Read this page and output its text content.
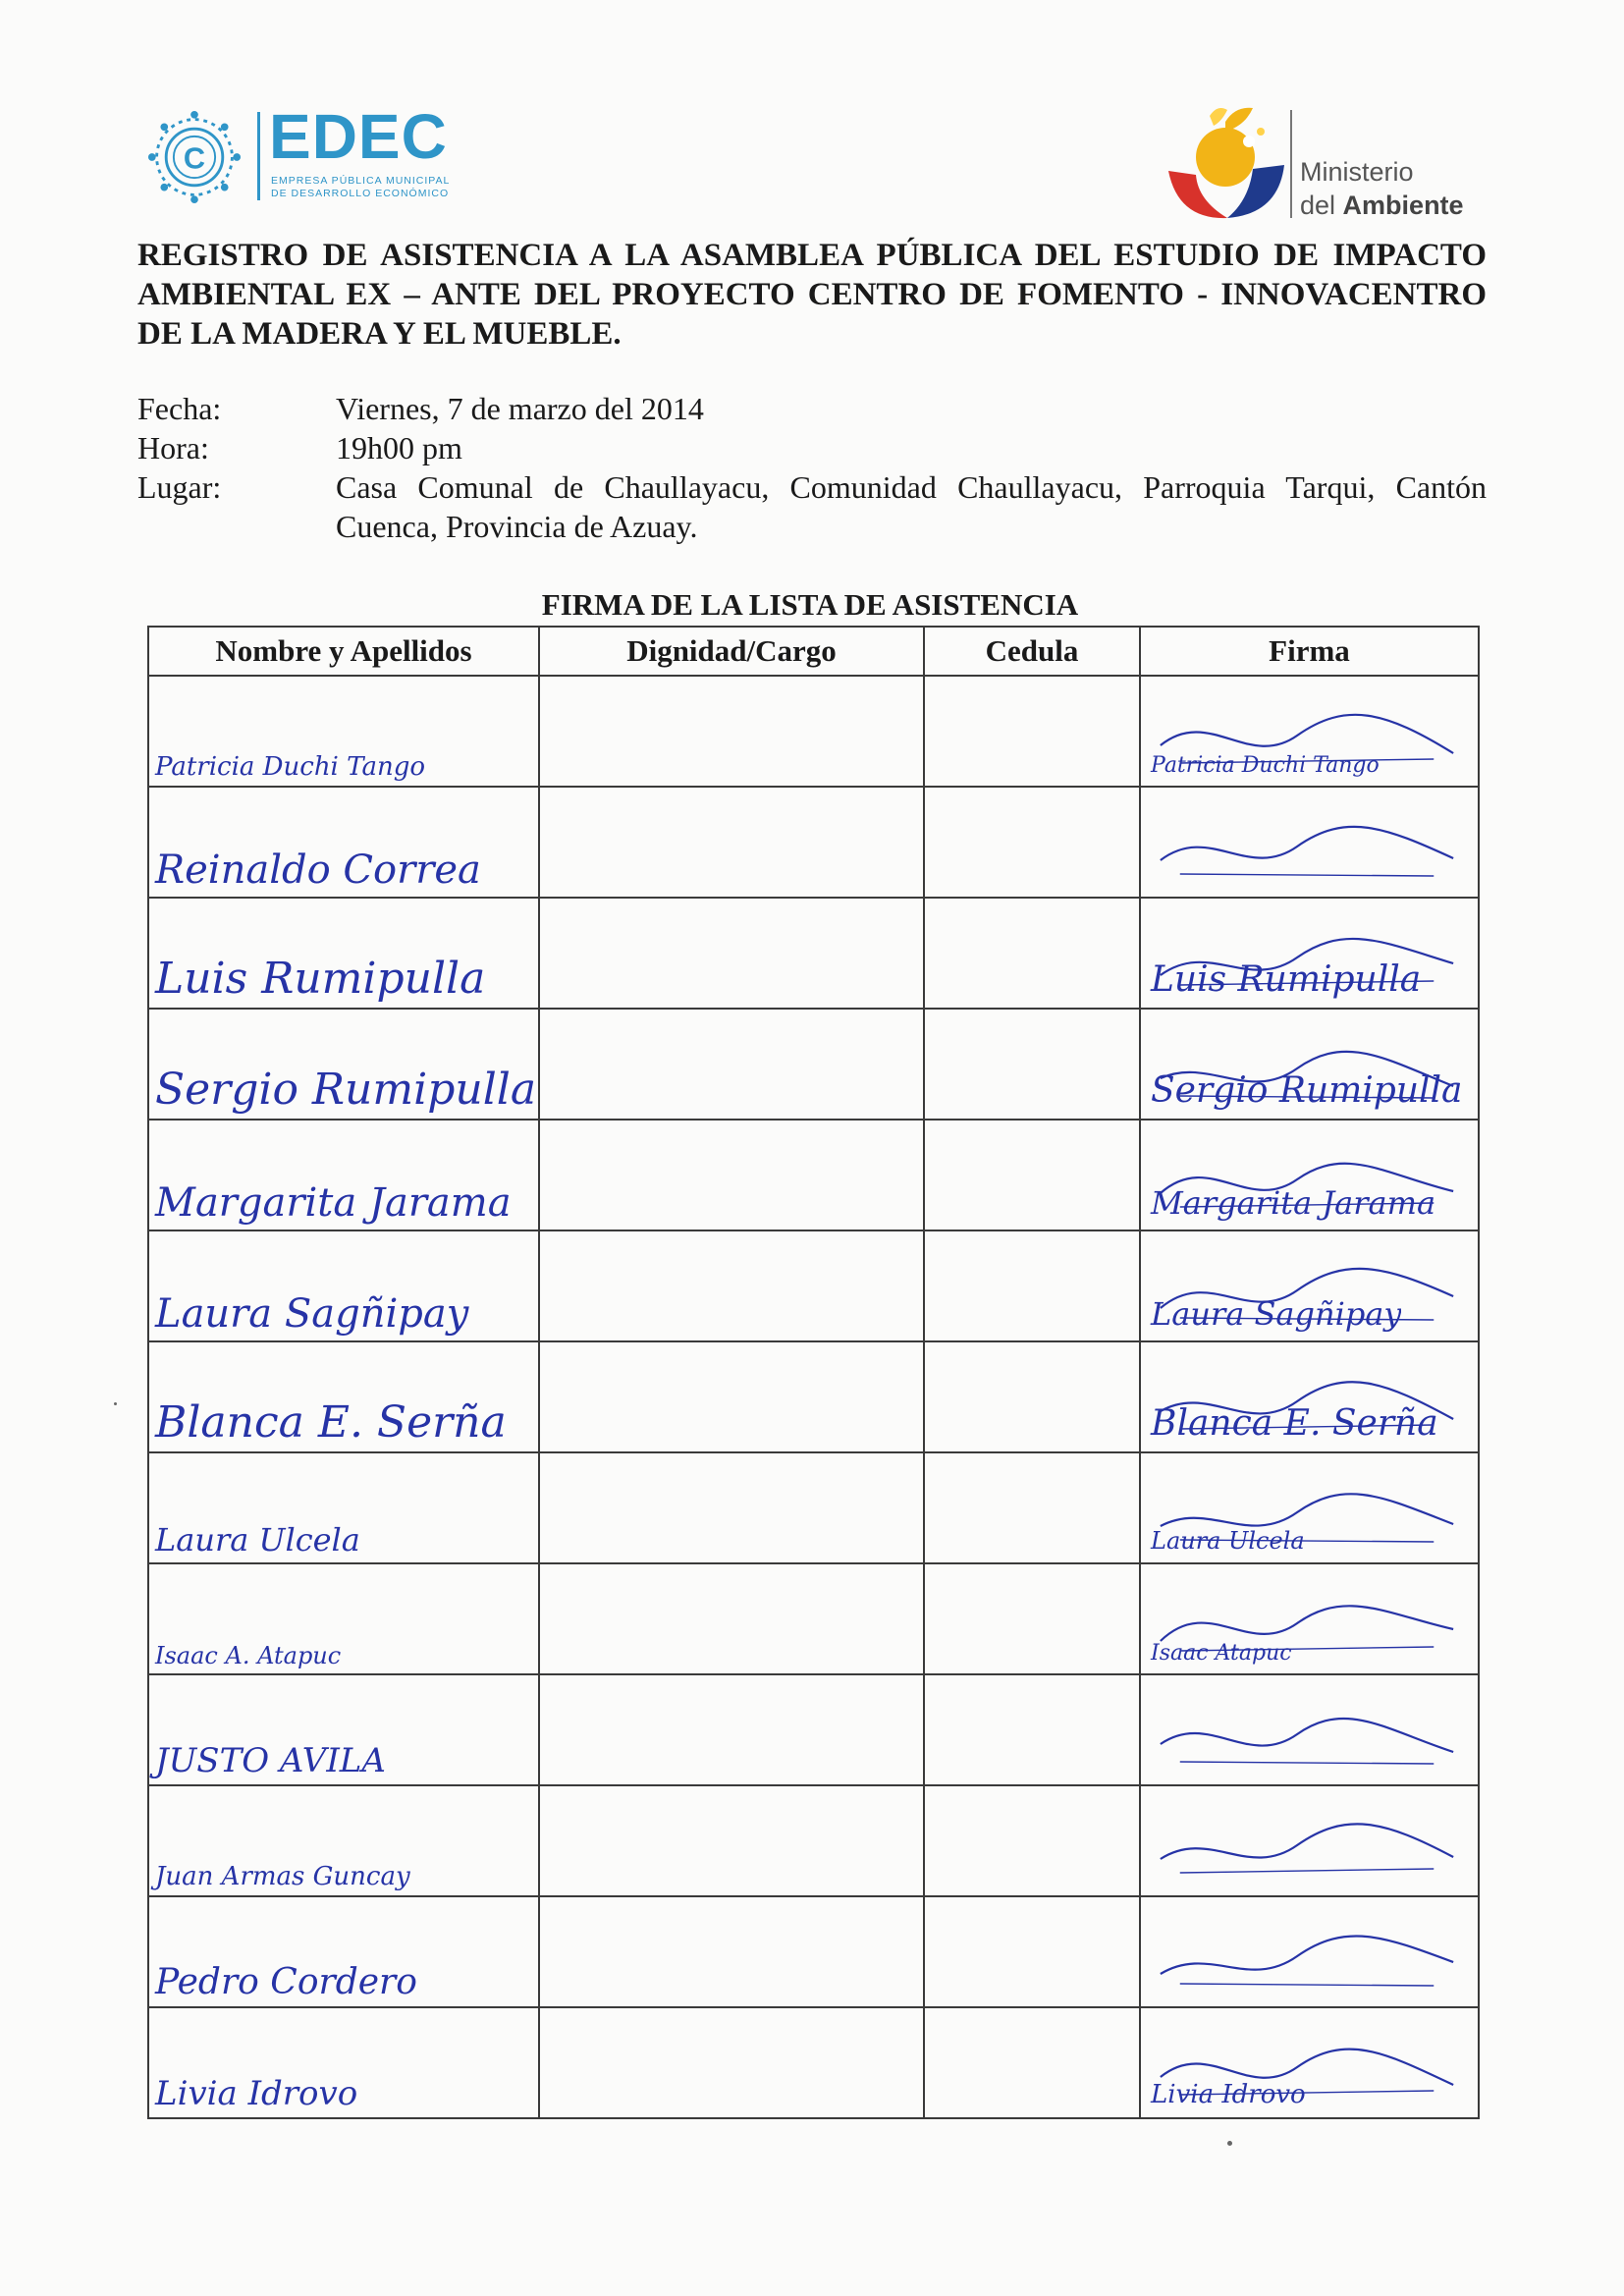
C EDEC
EMPRESA PÚBLICA MUNICIPAL
DE DESARROLLO ECONÓMICO
Ministerio
del Ambiente
REGISTRO DE ASISTENCIA A LA ASAMBLEA PÚBLICA DEL ESTUDIO DE IMPACTO AMBIENTAL EX – ANTE DEL PROYECTO CENTRO DE FOMENTO - INNOVACENTRO DE LA MADERA Y EL MUEBLE.
Fecha:	Viernes, 7 de marzo del 2014
Hora:	19h00 pm
Lugar:	Casa Comunal de Chaullayacu, Comunidad Chaullayacu, Parroquia Tarqui, Cantón Cuenca, Provincia de Azuay.
FIRMA DE LA LISTA DE ASISTENCIA
Nombre y Apellidos	Dignidad/Cargo	Cedula	Firma

Patricia Duchi Tango			Patricia Duchi Tango

Reinaldo Correa

Luis Rumipulla			Luis Rumipulla

Sergio Rumipulla			Sergio Rumipulla

Margarita Jarama			Margarita Jarama

Laura Sagñipay			Laura Sagñipay

Blanca E. Serña			Blanca E. Serña

Laura Ulcela			Laura Ulcela

Isaac A. Atapuc			Isaac Atapuc

JUSTO AVILA

Juan Armas Guncay

Pedro Cordero

Livia Idrovo			Livia Idrovo
